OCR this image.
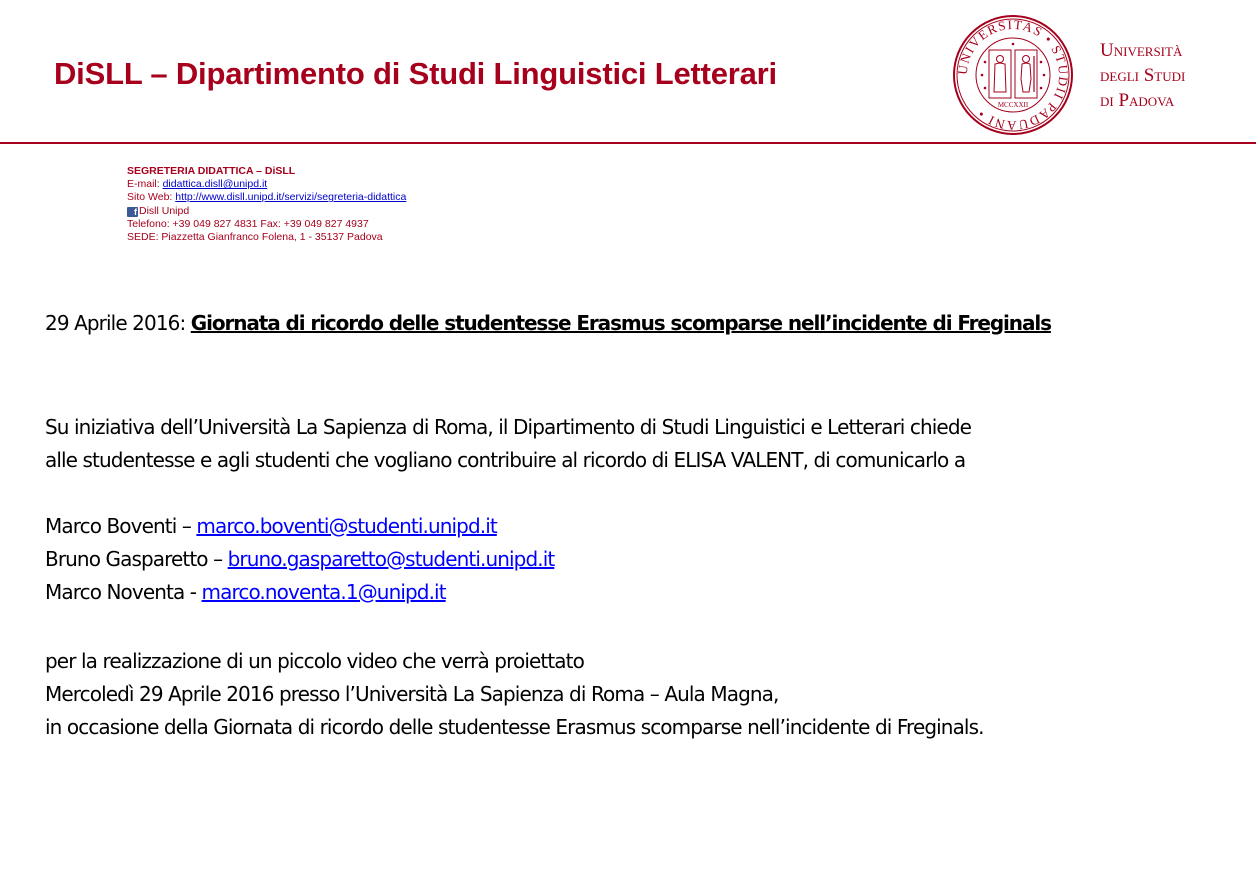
DiSLL – Dipartimento di Studi Linguistici Letterari	UNIVERSITAS • STUDII PADUANI •
MCCXXII
Università
degli Studi
di Padova
SEGRETERIA DIDATTICA – DiSLL
E-mail: didattica.disll@unipd.it
Sito Web: http://www.disll.unipd.it/servizi/segreteria-didattica
f Disll Unipd
Telefono: +39 049 827 4831 Fax: +39 049 827 4937
SEDE: Piazzetta Gianfranco Folena, 1 - 35137 Padova
29 Aprile 2016: Giornata di ricordo delle studentesse Erasmus scomparse nell’incidente di Freginals
Su iniziativa dell’Università La Sapienza di Roma, il Dipartimento di Studi Linguistici e Letterari chiede
alle studentesse e agli studenti che vogliano contribuire al ricordo di ELISA VALENT, di comunicarlo a
Marco Boventi – marco.boventi@studenti.unipd.it
Bruno Gasparetto – bruno.gasparetto@studenti.unipd.it
Marco Noventa - marco.noventa.1@unipd.it
per la realizzazione di un piccolo video che verrà proiettato
Mercoledì 29 Aprile 2016 presso l’Università La Sapienza di Roma – Aula Magna,
in occasione della Giornata di ricordo delle studentesse Erasmus scomparse nell’incidente di Freginals.
